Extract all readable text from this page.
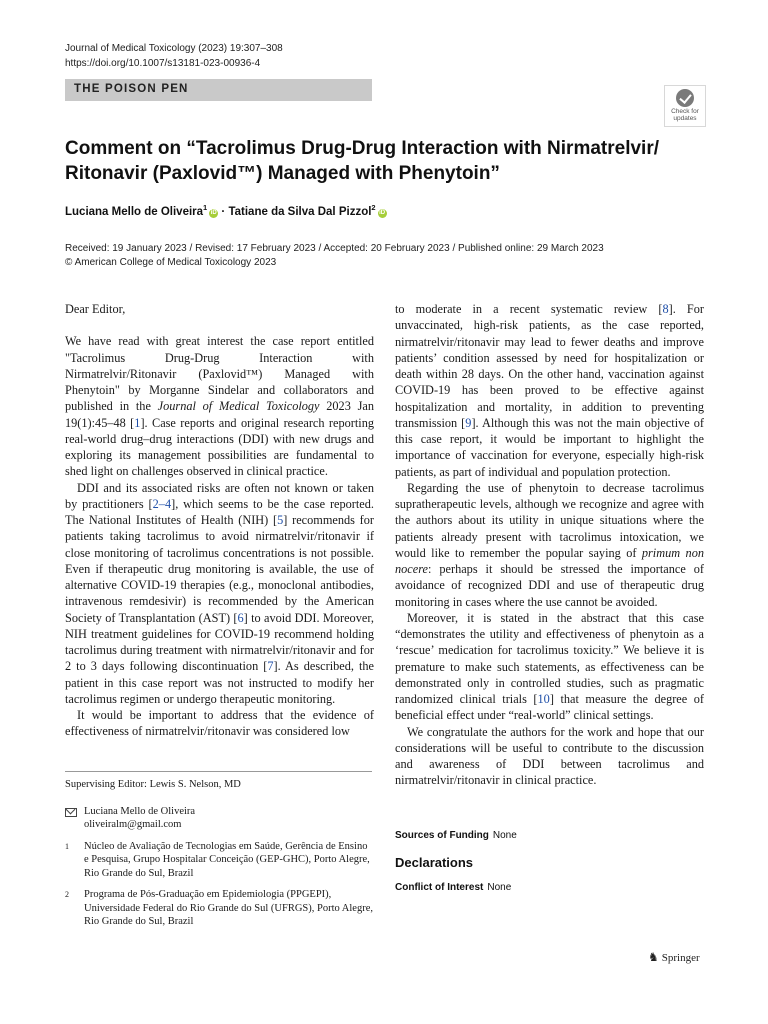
Journal of Medical Toxicology (2023) 19:307–308
https://doi.org/10.1007/s13181-023-00936-4
THE POISON PEN
Check for
updates
Comment on “Tacrolimus Drug-Drug Interaction with Nirmatrelvir/ Ritonavir (Paxlovid™) Managed with Phenytoin”
Luciana Mello de Oliveira$^1$iD · Tatiane da Silva Dal Pizzol$^2$iD
Received: 19 January 2023 / Revised: 17 February 2023 / Accepted: 20 February 2023 / Published online: 29 March 2023
© American College of Medical Toxicology 2023

Dear Editor,

We have read with great interest the case report entitled "Tacrolimus Drug-Drug Interaction with Nirmatrelvir/Ritonavir (Paxlovid™) Managed with Phenytoin" by Morganne Sindelar and collaborators and published in the Journal of Medical Toxicology 2023 Jan 19(1):45–48 [1]. Case reports and original research reporting real-world drug–drug interactions (DDI) with new drugs and exploring its management possibilities are fundamental to shed light on challenges observed in clinical practice.

DDI and its associated risks are often not known or taken by practitioners [2–4], which seems to be the case reported. The National Institutes of Health (NIH) [5] recommends for patients taking tacrolimus to avoid nirmatrelvir/ritonavir if close monitoring of tacrolimus concentrations is not possible. Even if therapeutic drug monitoring is available, the use of alternative COVID-19 therapies (e.g., monoclonal antibodies, intravenous remdesivir) is recommended by the American Society of Transplantation (AST) [6] to avoid DDI. Moreover, NIH treatment guidelines for COVID-19 recommend holding tacrolimus during treatment with nirmatrelvir/ritonavir and for 2 to 3 days following discontinuation [7]. As described, the patient in this case report was not instructed to modify her tacrolimus regimen or undergo therapeutic monitoring.

It would be important to address that the evidence of effectiveness of nirmatrelvir/ritonavir was considered low

to moderate in a recent systematic review [8]. For unvaccinated, high-risk patients, as the case reported, nirmatrelvir/ritonavir may lead to fewer deaths and improve patients’ condition assessed by need for hospitalization or death within 28 days. On the other hand, vaccination against COVID-19 has been proved to be effective against hospitalization and mortality, in addition to preventing transmission [9]. Although this was not the main objective of this case report, it would be important to highlight the importance of vaccination for everyone, especially high-risk patients, as part of individual and population protection.

Regarding the use of phenytoin to decrease tacrolimus supratherapeutic levels, although we recognize and agree with the authors about its utility in unique situations where the patients already present with tacrolimus intoxication, we would like to remember the popular saying of primum non nocere: perhaps it should be stressed the importance of avoidance of recognized DDI and use of therapeutic drug monitoring in cases where the use cannot be avoided.

Moreover, it is stated in the abstract that this case “demonstrates the utility and effectiveness of phenytoin as a ‘rescue’ medication for tacrolimus toxicity.” We believe it is premature to make such statements, as effectiveness can be demonstrated only in controlled studies, such as pragmatic randomized clinical trials [10] that measure the degree of beneficial effect under “real-world” clinical settings.

We congratulate the authors for the work and hope that our considerations will be useful to contribute to the discussion and awareness of DDI between tacrolimus and nirmatrelvir/ritonavir in clinical practice.

Supervising Editor: Lewis S. Nelson, MD
Luciana Mello de Oliveira
oliveiralm@gmail.com
1 Núcleo de Avaliação de Tecnologias em Saúde, Gerência de Ensino e Pesquisa, Grupo Hospitalar Conceição (GEP-GHC), Porto Alegre, Rio Grande do Sul, Brazil
2 Programa de Pós-Graduação em Epidemiologia (PPGEPI), Universidade Federal do Rio Grande do Sul (UFRGS), Porto Alegre, Rio Grande do Sul, Brazil
Sources of Funding None
Declarations
Conflict of Interest None
♞ Springer
